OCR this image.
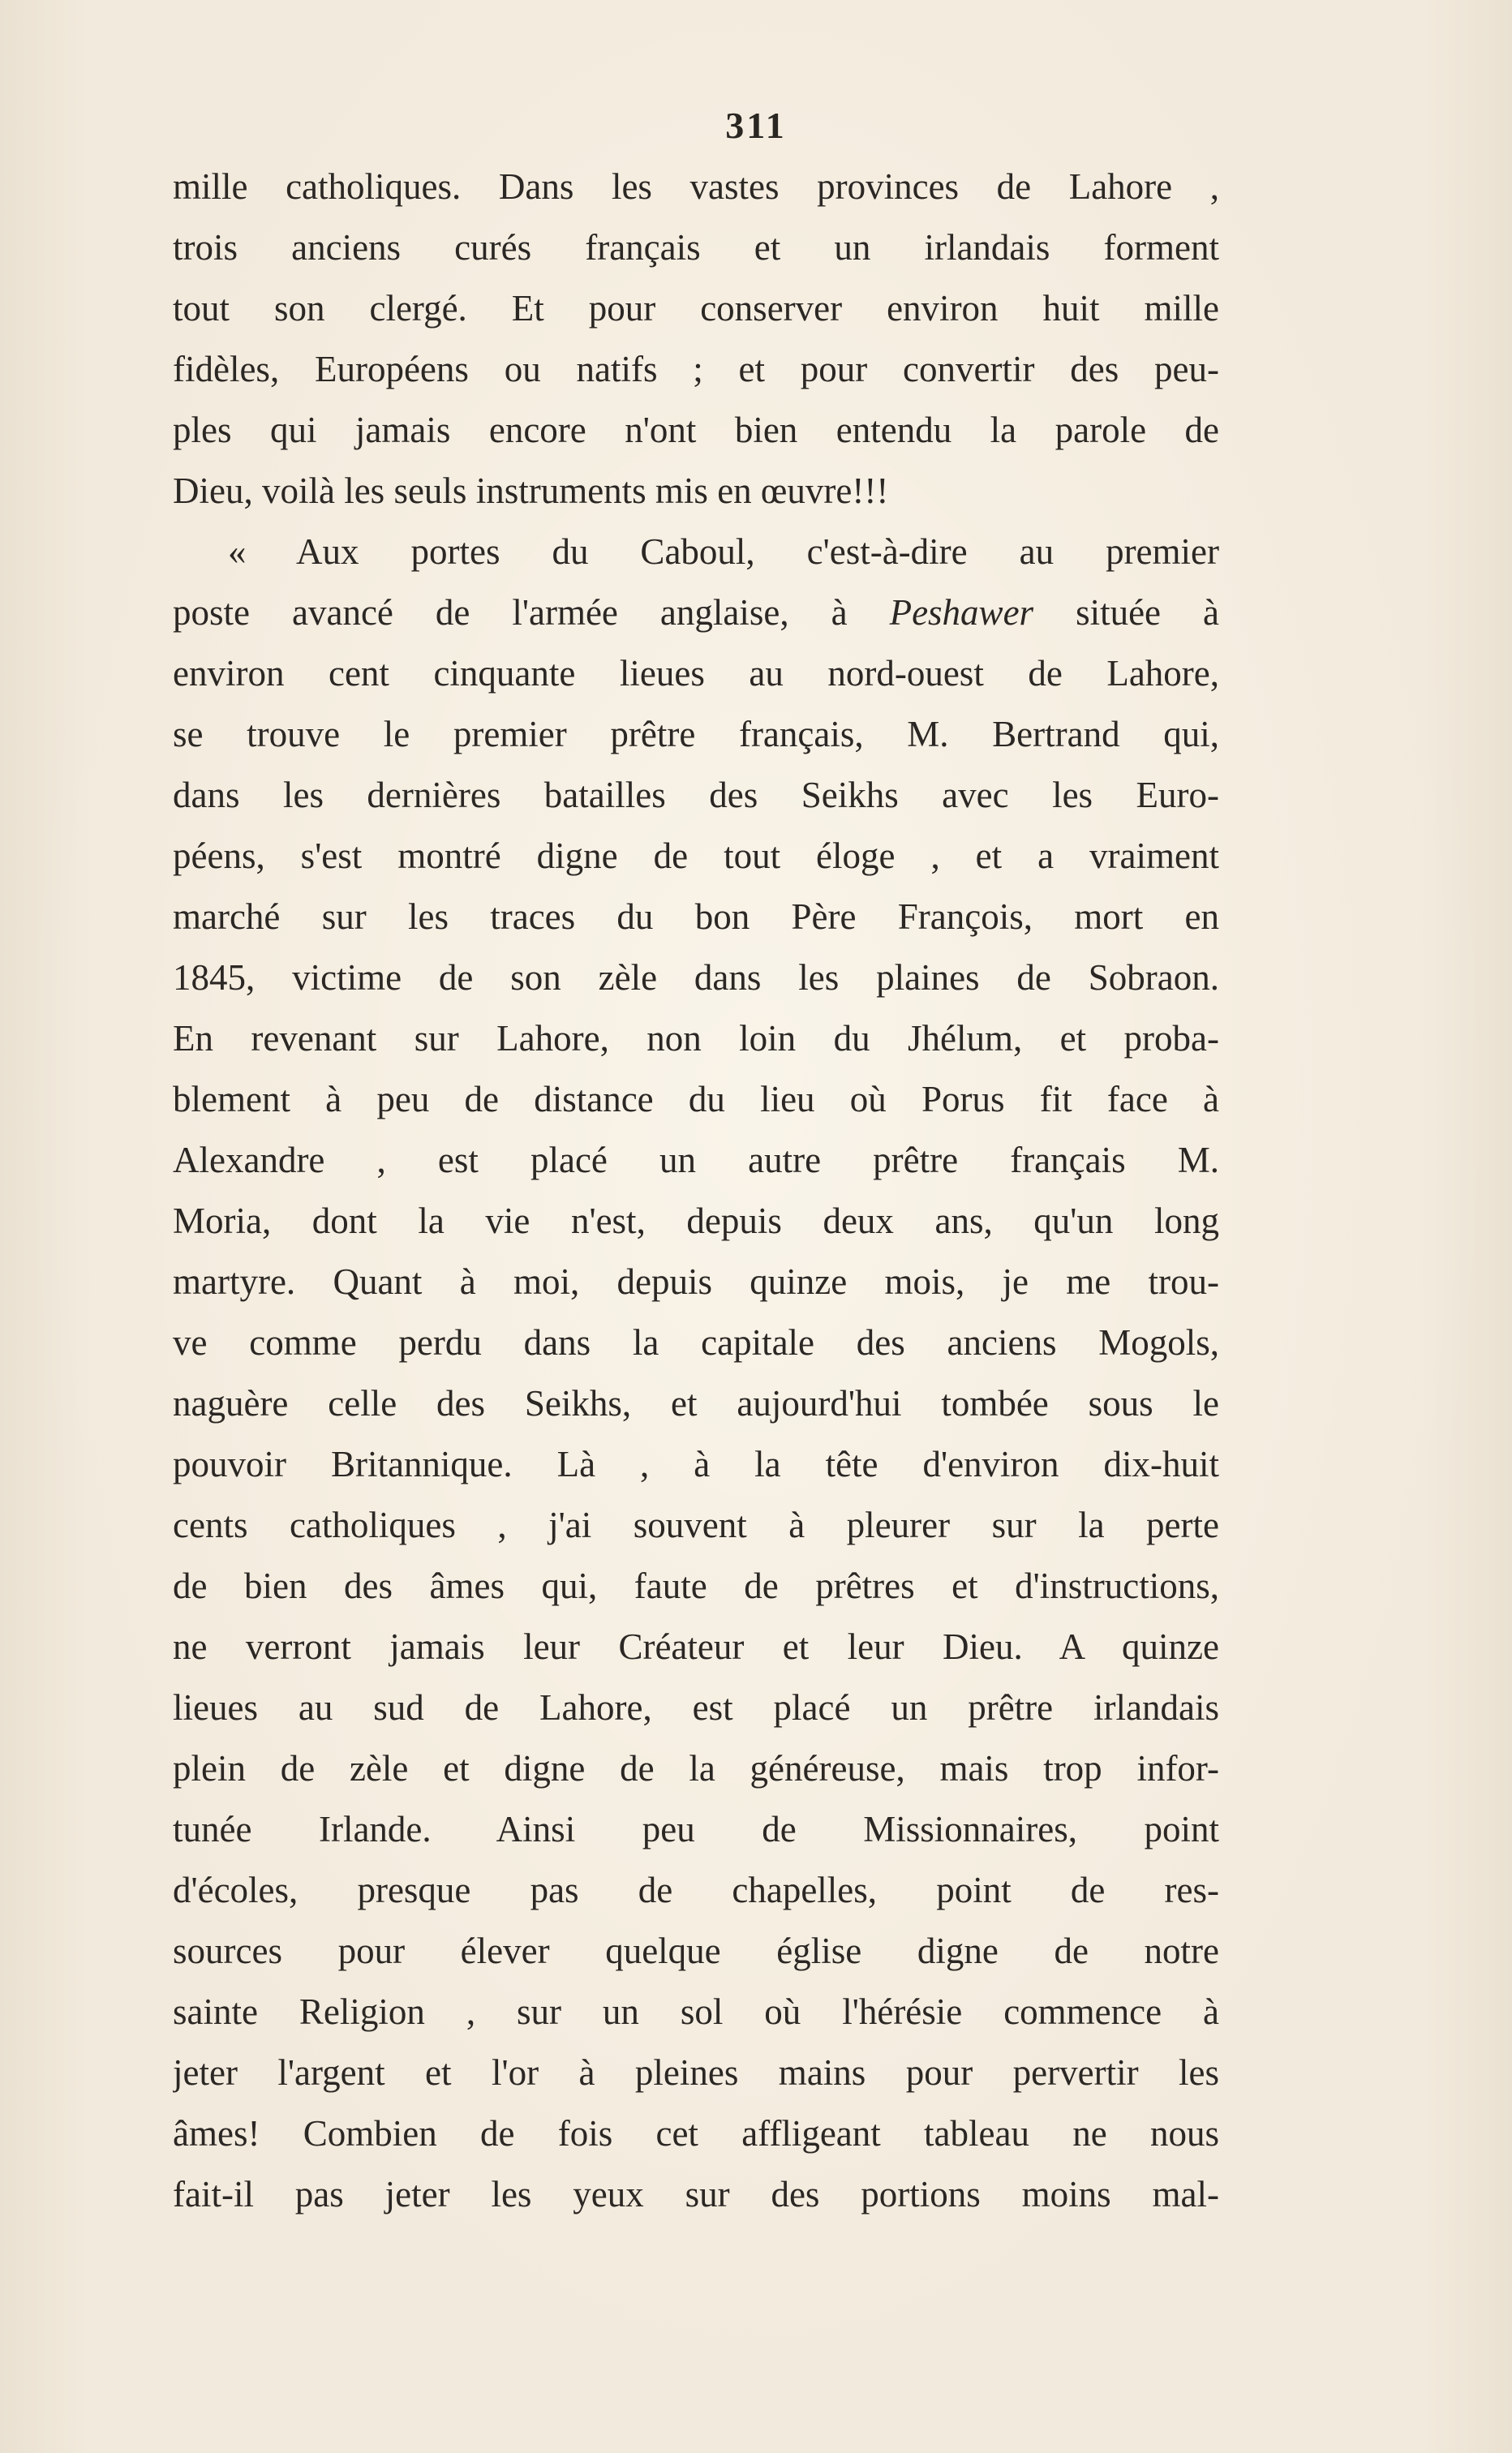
311
mille catholiques. Dans les vastes provinces de Lahore ,
trois anciens curés français et un irlandais forment
tout son clergé. Et pour conserver environ huit mille
fidèles, Européens ou natifs ; et pour convertir des peu-
ples qui jamais encore n'ont bien entendu la parole de
Dieu, voilà les seuls instruments mis en œuvre!!!
« Aux portes du Caboul, c'est-à-dire au premier
poste avancé de l'armée anglaise, à Peshawer située à
environ cent cinquante lieues au nord-ouest de Lahore,
se trouve le premier prêtre français, M. Bertrand qui,
dans les dernières batailles des Seikhs avec les Euro-
péens, s'est montré digne de tout éloge , et a vraiment
marché sur les traces du bon Père François, mort en
1845, victime de son zèle dans les plaines de Sobraon.
En revenant sur Lahore, non loin du Jhélum, et proba-
blement à peu de distance du lieu où Porus fit face à
Alexandre , est placé un autre prêtre français M.
Moria, dont la vie n'est, depuis deux ans, qu'un long
martyre. Quant à moi, depuis quinze mois, je me trou-
ve comme perdu dans la capitale des anciens Mogols,
naguère celle des Seikhs, et aujourd'hui tombée sous le
pouvoir Britannique. Là , à la tête d'environ dix-huit
cents catholiques , j'ai souvent à pleurer sur la perte
de bien des âmes qui, faute de prêtres et d'instructions,
ne verront jamais leur Créateur et leur Dieu. A quinze
lieues au sud de Lahore, est placé un prêtre irlandais
plein de zèle et digne de la généreuse, mais trop infor-
tunée Irlande. Ainsi peu de Missionnaires, point
d'écoles, presque pas de chapelles, point de res-
sources pour élever quelque église digne de notre
sainte Religion , sur un sol où l'hérésie commence à
jeter l'argent et l'or à pleines mains pour pervertir les
âmes! Combien de fois cet affligeant tableau ne nous
fait-il pas jeter les yeux sur des portions moins mal-
